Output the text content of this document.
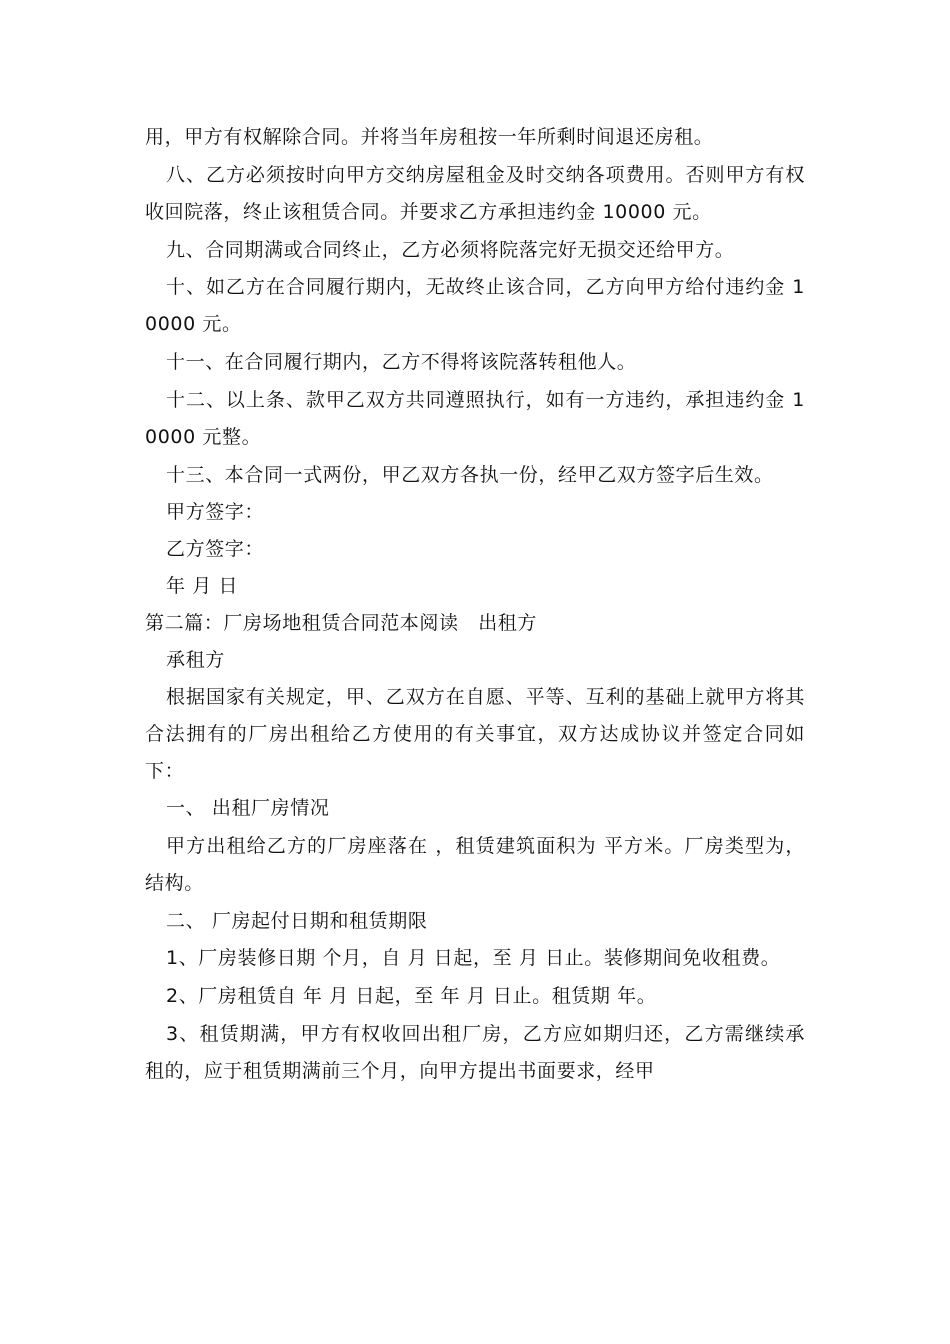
用，甲方有权解除合同。并将当年房租按一年所剩时间退还房租。

八、乙方必须按时向甲方交纳房屋租金及时交纳各项费用。否则甲方有权收回院落，终止该租赁合同。并要求乙方承担违约金 10000 元。

九、合同期满或合同终止，乙方必须将院落完好无损交还给甲方。

十、如乙方在合同履行期内，无故终止该合同，乙方向甲方给付违约金 10000 元。

十一、在合同履行期内，乙方不得将该院落转租他人。

十二、以上条、款甲乙双方共同遵照执行，如有一方违约，承担违约金 10000 元整。

十三、本合同一式两份，甲乙双方各执一份，经甲乙双方签字后生效。

甲方签字：

乙方签字：

年 月 日

第二篇：厂房场地租赁合同范本阅读　出租方

承租方

根据国家有关规定，甲、乙双方在自愿、平等、互利的基础上就甲方将其合法拥有的厂房出租给乙方使用的有关事宜，双方达成协议并签定合同如下：

一、 出租厂房情况

甲方出租给乙方的厂房座落在 ，租赁建筑面积为 平方米。厂房类型为， 结构。

二、 厂房起付日期和租赁期限

1、厂房装修日期 个月，自 月 日起，至 月 日止。装修期间免收租费。

2、厂房租赁自 年 月 日起，至 年 月 日止。租赁期 年。

3、租赁期满，甲方有权收回出租厂房，乙方应如期归还，乙方需继续承租的，应于租赁期满前三个月，向甲方提出书面要求，经甲
